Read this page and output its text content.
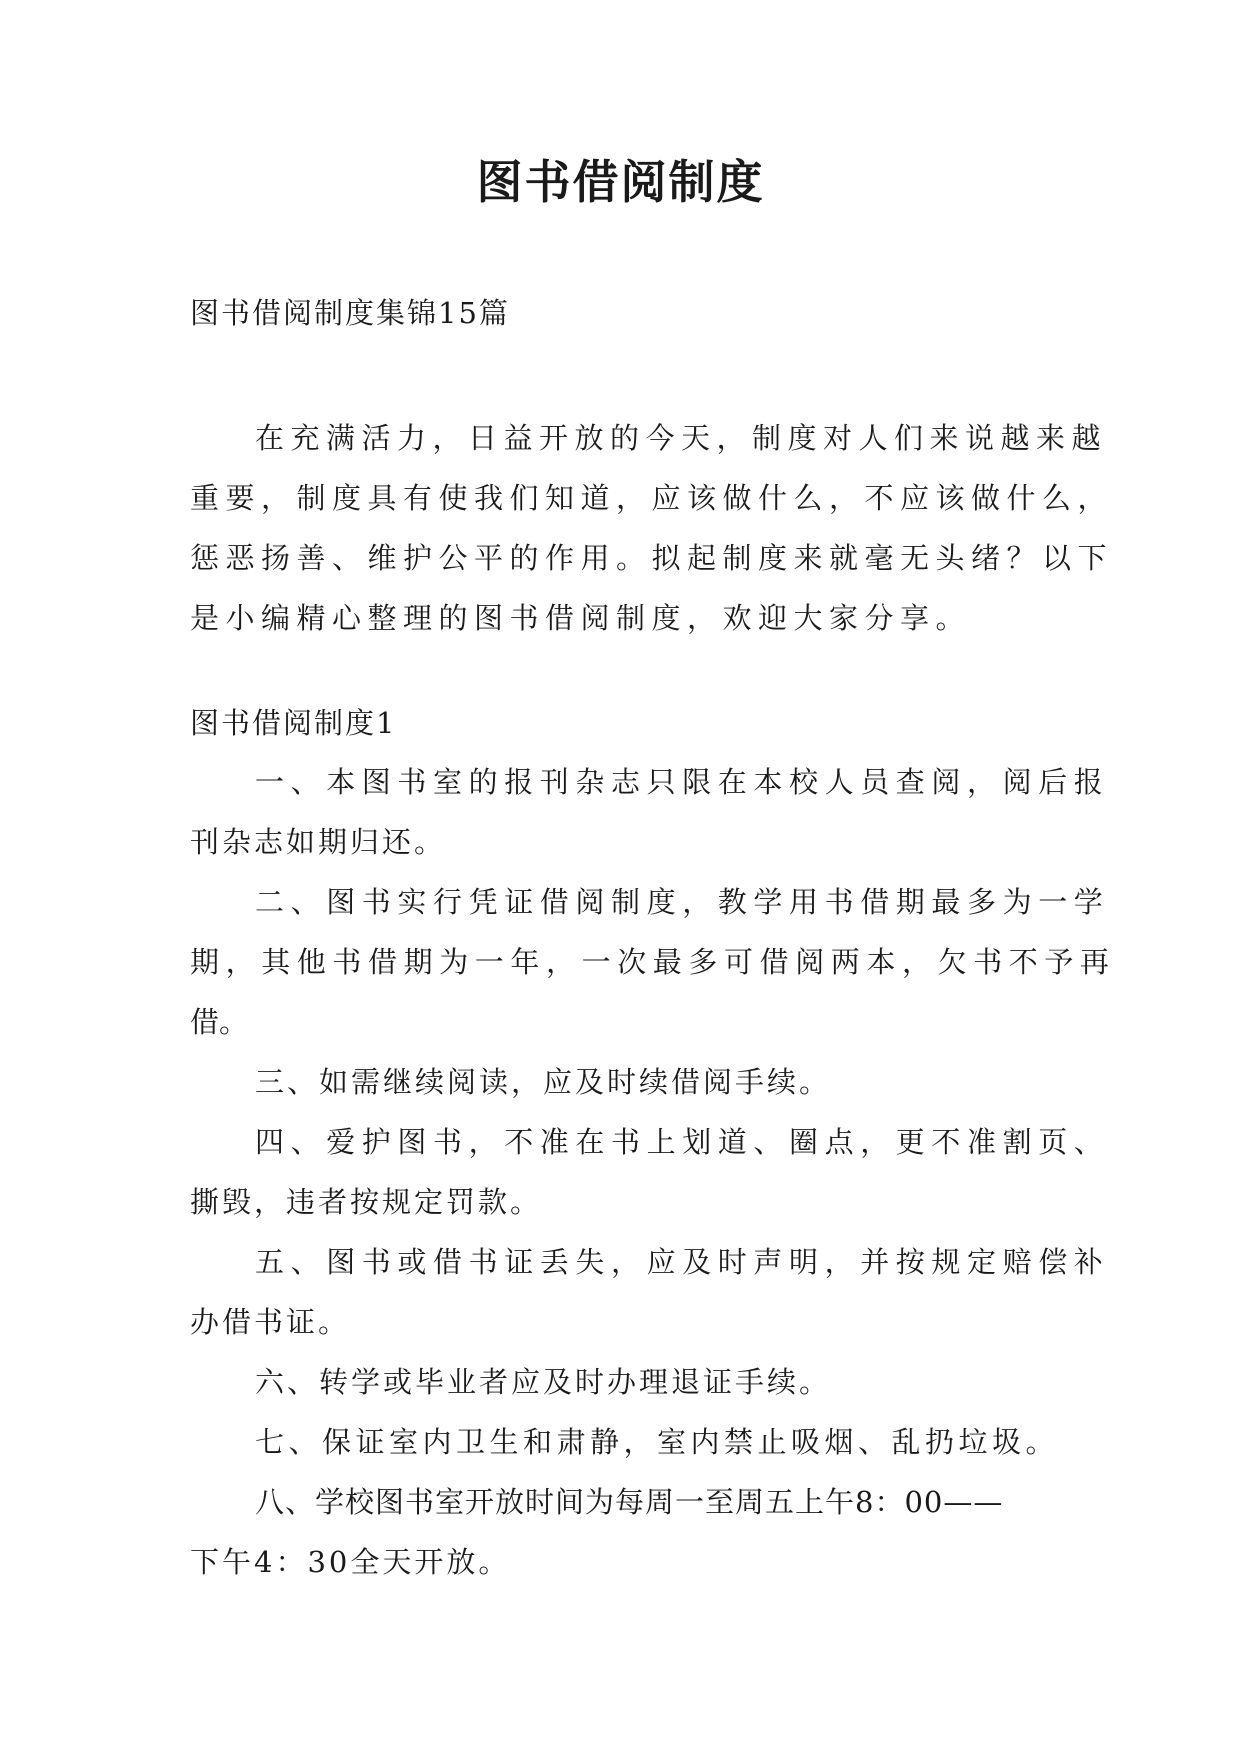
图书借阅制度
图书借阅制度集锦15篇
在充满活力，日益开放的今天，制度对人们来说越来越
重要，制度具有使我们知道，应该做什么，不应该做什么，
惩恶扬善、维护公平的作用。拟起制度来就毫无头绪？以下
是小编精心整理的图书借阅制度，欢迎大家分享。
图书借阅制度1
一、本图书室的报刊杂志只限在本校人员查阅，阅后报
刊杂志如期归还。
二、图书实行凭证借阅制度，教学用书借期最多为一学
期，其他书借期为一年，一次最多可借阅两本，欠书不予再
借。
三、如需继续阅读，应及时续借阅手续。
四、爱护图书，不准在书上划道、圈点，更不准割页、
撕毁，违者按规定罚款。
五、图书或借书证丢失，应及时声明，并按规定赔偿补
办借书证。
六、转学或毕业者应及时办理退证手续。
七、保证室内卫生和肃静，室内禁止吸烟、乱扔垃圾。
八、学校图书室开放时间为每周一至周五上午8：00——
下午4：30全天开放。
